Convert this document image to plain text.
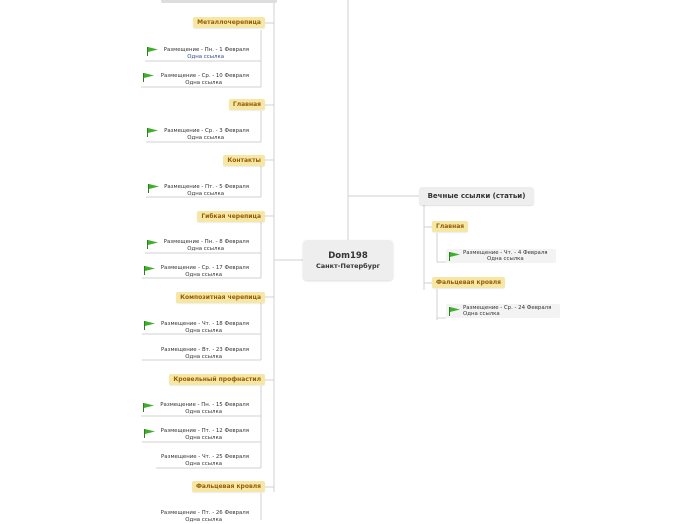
Dom198
Санкт-Петербург
Вечные ссылки (статьи)
Металлочерепица
Размещение - Пн. - 1 Февраля
Одна ссылка
Размещение - Ср. - 10 Февраля
Одна ссылка
Главная
Размещение - Ср. - 3 Февраля
Одна ссылка
Контакты
Размещение - Пт. - 5 Февраля
Одна ссылка
Гибкая черепица
Размещение - Пн. - 8 Февраля
Одна ссылка
Размещение - Ср. - 17 Февраля
Одна ссылка
Композитная черепица
Размещение - Чт. - 18 Февраля
Одна ссылка
Размещение - Вт. - 23 Февраля
Одна ссылка
Кровельный профнастил
Размещение - Пн. - 15 Февраля
Одна ссылка
Размещение - Пт. - 12 Февраля
Одна ссылка
Размещение - Чт. - 25 Февраля
Одна ссылка
Фальцевая кровля
Размещение - Пт. - 26 Февраля
Одна ссылка
Главная
Размещение - Чт. - 4 Февраля
Одна ссылка
Фальцевая кровля
Размещение - Ср. - 24 Февраля
Одна ссылка
